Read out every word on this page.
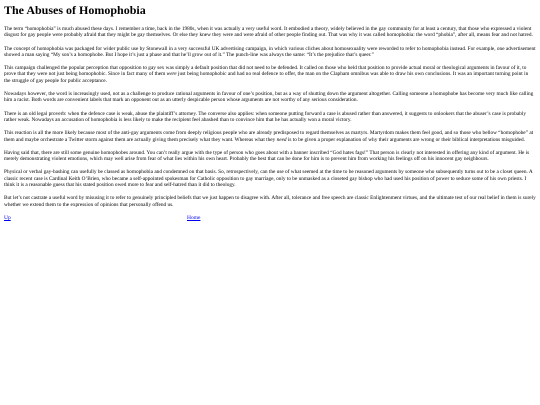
The Abuses of Homophobia

The term “homophobia” is much abused these days. I remember a time, back in the 1980s, when it was actually a very useful word. It embodied a theory, widely believed in the gay community for at least a century, that those who expressed a violent disgust for gay people were probably afraid that they might be gay themselves. Or else they knew they were and were afraid of other people finding out. That was why it was called homophobia: the word “phobia”, after all, means fear and not hatred.

The concept of homophobia was packaged for wider public use by Stonewall in a very successful UK advertising campaign, in which various cliches about homosexuality were reworded to refer to homophobia instead. For example, one advertisement showed a man saying “My son’s a homophobe. But I hope it’s just a phase and that he’ll grow out of it.” The punch-line was always the same: “It’s the prejudice that’s queer.”

This campaign challenged the popular perception that opposition to gay sex was simply a default position that did not need to be defended. It called on those who held that position to provide actual moral or theological arguments in favour of it, to prove that they were not just being homophobic. Since in fact many of them were just being homophobic and had no real defence to offer, the man on the Clapham omnibus was able to draw his own conclusions. It was an important turning point in the struggle of gay people for public acceptance.

Nowadays however, the word is increasingly used, not as a challenge to produce rational arguments in favour of one’s position, but as a way of shutting down the argument altogether. Calling someone a homophobe has become very much like calling him a racist. Both words are convenient labels that mark an opponent out as an utterly despicable person whose arguments are not worthy of any serious consideration.

There is an old legal proverb: when the defence case is weak, abuse the plaintiff’s attorney. The converse also applies: when someone putting forward a case is abused rather than answered, it suggests to onlookers that the abuser’s case is probably rather weak. Nowadays an accusation of homophobia is less likely to make the recipient feel abashed than to convince him that he has actually won a moral victory.

This reaction is all the more likely because most of the anti-gay arguments come from deeply religious people who are already predisposed to regard themselves as martyrs. Martyrdom makes them feel good, and so those who bellow “homophobe” at them and maybe orchestrate a Twitter storm against them are actually giving them precisely what they want. Whereas what they need is to be given a proper explanation of why their arguments are wrong or their biblical interpretations misguided.

Having said that, there are still some genuine homophobes around. You can’t really argue with the type of person who goes about with a banner inscribed “God hates fags!” That person is clearly not interested in offering any kind of argument. He is merely demonstrating violent emotions, which may well arise from fear of what lies within his own heart. Probably the best that can be done for him is to prevent him from working his feelings off on his innocent gay neighbours.

Physical or verbal gay-bashing can usefully be classed as homophobia and condemned on that basis. So, retrospectively, can the use of what seemed at the time to be reasoned arguments by someone who subsequently turns out to be a closet queen. A classic recent case is Cardinal Keith O’Brien, who became a self-appointed spokesman for Catholic opposition to gay marriage, only to be unmasked as a closeted gay bishop who had used his position of power to seduce some of his own priests. I think it is a reasonable guess that his stated position owed more to fear and self-hatred than it did to theology.

But let’s not castrate a useful word by misusing it to refer to genuinely principled beliefs that we just happen to disagree with. After all, tolerance and free speech are classic Enlightenment virtues, and the ultimate test of our real belief in them is surely whether we extend them to the expression of opinions that personally offend us.

Up	Home
